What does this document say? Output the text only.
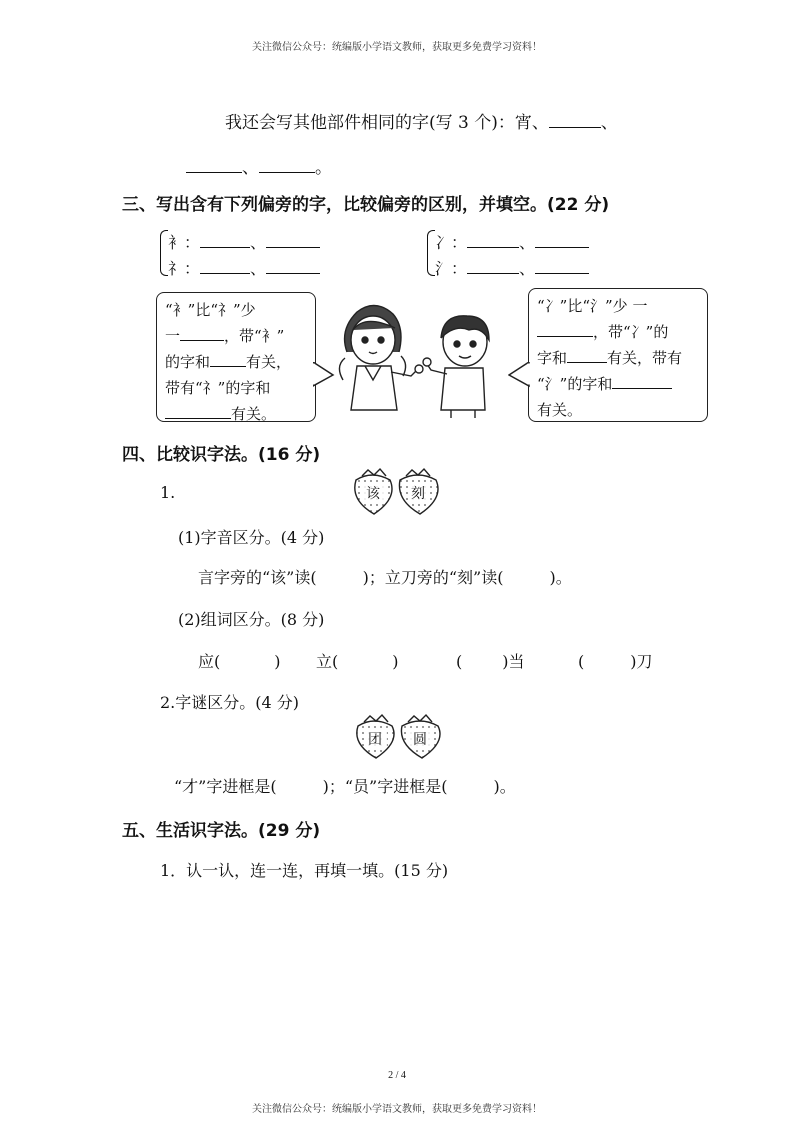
关注微信公众号：统编版小学语文教师，获取更多免费学习资料！
我还会写其他部件相同的字(写 3 个)：宵、	、
、	。
三、写出含有下列偏旁的字，比较偏旁的区别，并填空。(22 分)
衤：	、
礻：	、
冫：	、
氵：	、
“衤”比“礻”少
一	，带“衤”
的字和 有关，
带有“礻”的字和
有关。
“冫”比“氵”少 一
，带“冫”的
字和	有关，带有
“氵”的字和
有关。
四、比较识字法。(16 分)
1.	该 刻
(1)字音区分。(4 分)
言字旁的“该”读(	)；立刀旁的“刻”读(	)。
(2)组词区分。(8 分)
应(	) 立(	)	(	)当	(	)刀
2.字谜区分。(4 分)
团 圆
“才”字进框是(	)；“员”字进框是(	)。
五、生活识字法。(29 分)
1．认一认，连一连，再填一填。(15 分)
2 / 4
关注微信公众号：统编版小学语文教师，获取更多免费学习资料！
